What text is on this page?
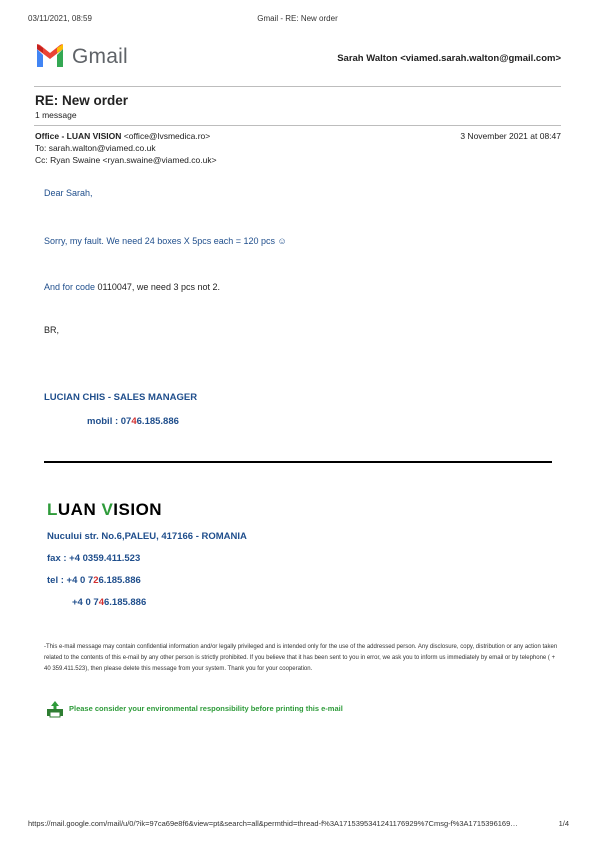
03/11/2021, 08:59	Gmail - RE: New order
Gmail	Sarah Walton <viamed.sarah.walton@gmail.com>
RE: New order
1 message
Office - LUAN VISION <office@lvsmedica.ro>	3 November 2021 at 08:47
To: sarah.walton@viamed.co.uk
Cc: Ryan Swaine <ryan.swaine@viamed.co.uk>
Dear Sarah,
Sorry, my fault. We need 24 boxes X 5pcs each = 120 pcs ☺
And for code 0110047, we need 3 pcs not 2.
BR,
LUCIAN CHIS - SALES MANAGER
mobil : 0746.185.886
LUAN VISION
Nucului str. No.6,PALEU, 417166 - ROMANIA
fax : +4 0359.411.523
tel : +4 0 726.185.886
+4 0 746.185.886
-This e-mail message may contain confidential information and/or legally privileged and is intended only for the use of the addressed person. Any disclosure, copy, distribution or any action taken related to the contents of this e-mail by any other person is strictly prohibited. If you believe that it has been sent to you in error, we ask you to inform us immediately by email or by telephone ( + 40 359.411.523), then please delete this message from your system. Thank you for your cooperation.
Please consider your environmental responsibility before printing this e-mail
https://mail.google.com/mail/u/0/?ik=97ca69e8f6&view=pt&search=all&permthid=thread-f%3A1715395341241176929%7Cmsg-f%3A1715396169…	1/4
